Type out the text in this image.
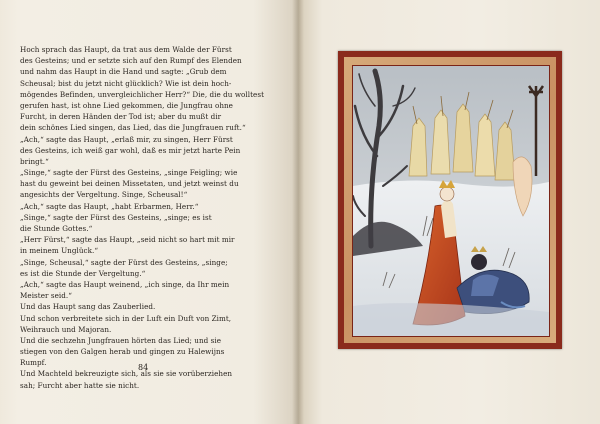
Hoch sprach das Haupt, da trat aus dem Walde der Fürst
des Gesteins; und er setzte sich auf den Rumpf des Elenden
und nahm das Haupt in die Hand und sagte: „Grub dem
Scheusal; bist du jetzt nicht glücklich? Wie ist dein hoch-
mögendes Befinden, unvergleichlicher Herr?“ Die, die du wolltest
gerufen hast, ist ohne Lied gekommen, die Jungfrau ohne
Furcht, in deren Händen der Tod ist; aber du mußt dir
dein schönes Lied singen, das Lied, das die Jungfrauen ruft.“
„Ach,“ sagte das Haupt, „erlaß mir, zu singen, Herr Fürst
des Gesteins, ich weiß gar wohl, daß es mir jetzt harte Pein
bringt.“
„Singe,“ sagte der Fürst des Gesteins, „singe Feigling; wie
hast du geweint bei deinen Missetaten, und jetzt weinst du
angesichts der Vergeltung. Singe, Scheusal!“
„Ach,“ sagte das Haupt, „habt Erbarmen, Herr.“
„Singe,“ sagte der Fürst des Gesteins, „singe; es ist
die Stunde Gottes.“
„Herr Fürst,“ sagte das Haupt, „seid nicht so hart mit mir
in meinem Unglück.“
„Singe, Scheusal,“ sagte der Fürst des Gesteins, „singe;
es ist die Stunde der Vergeltung.“
„Ach,“ sagte das Haupt weinend, „ich singe, da Ihr mein
Meister seid.“
Und das Haupt sang das Zauberlied.
Und schon verbreitete sich in der Luft ein Duft von Zimt,
Weihrauch und Majoran.
Und die sechzehn Jungfrauen hörten das Lied; und sie
stiegen von den Galgen herab und gingen zu Halewijns
Rumpf.
Und Machteld bekreuzigte sich, als sie sie vorüberziehen
sah; Furcht aber hatte sie nicht.
84
